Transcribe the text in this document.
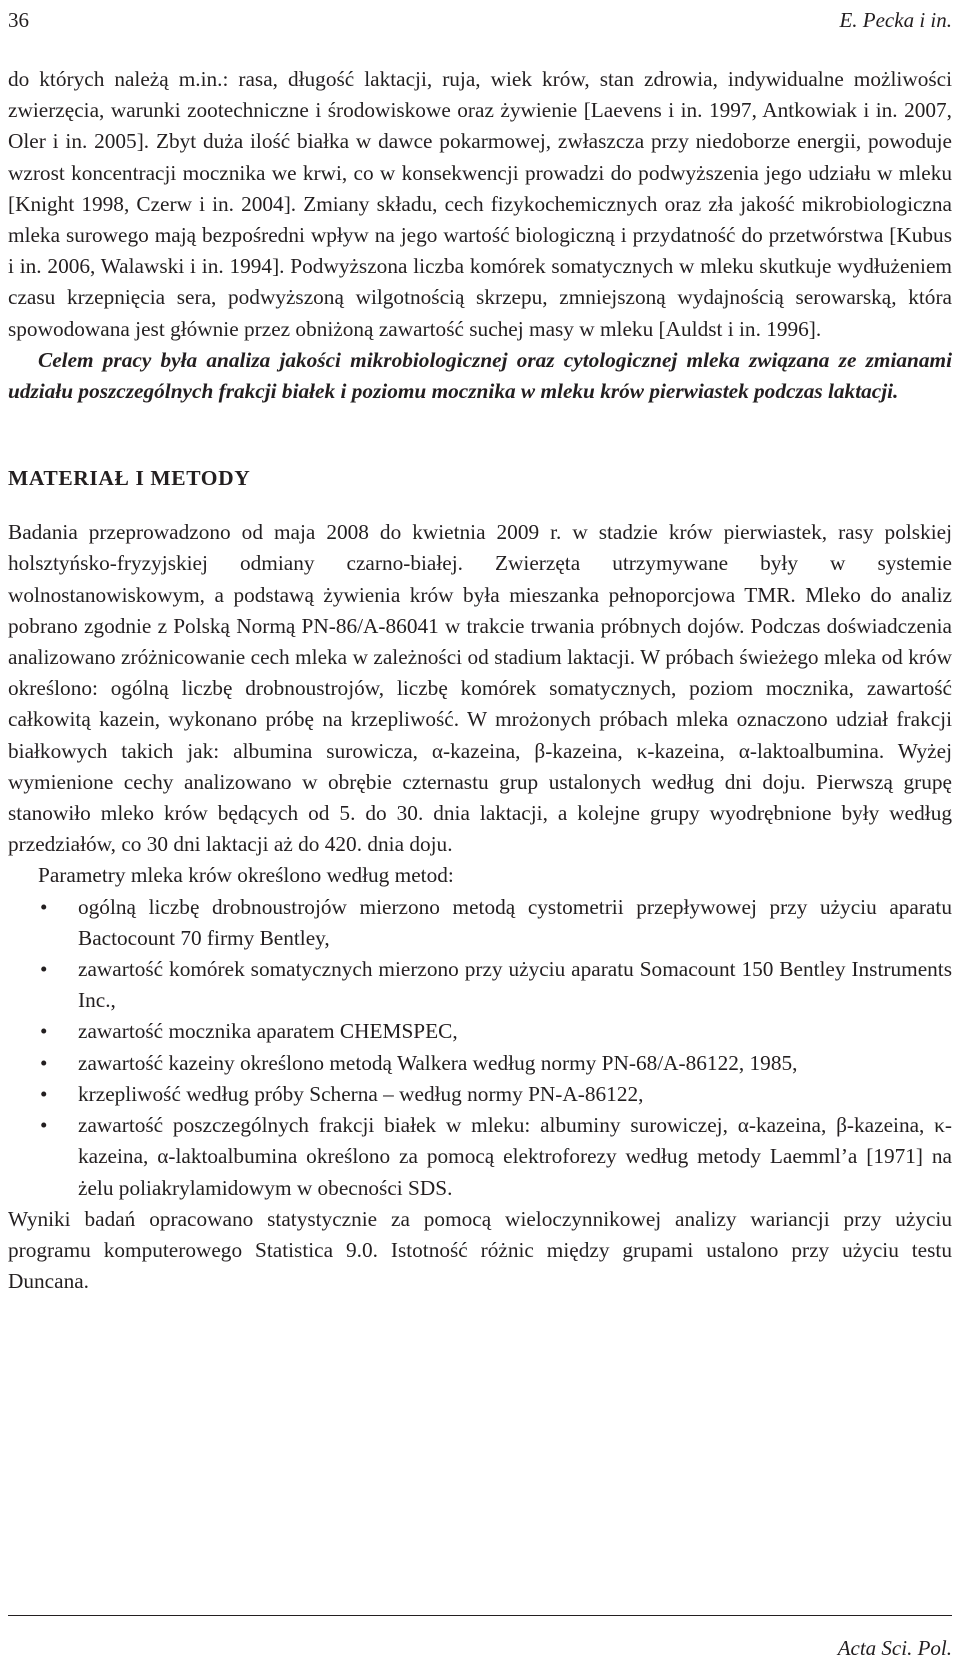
36	E. Pecka i in.

do których należą m.in.: rasa, długość laktacji, ruja, wiek krów, stan zdrowia, indywidualne możliwości zwierzęcia, warunki zootechniczne i środowiskowe oraz żywienie [Laevens i in. 1997, Antkowiak i in. 2007, Oler i in. 2005]. Zbyt duża ilość białka w dawce pokarmowej, zwłaszcza przy niedoborze energii, powoduje wzrost koncentracji mocznika we krwi, co w konsekwencji prowadzi do podwyższenia jego udziału w mleku [Knight 1998, Czerw i in. 2004]. Zmiany składu, cech fizykochemicznych oraz zła jakość mikrobiologiczna mleka surowego mają bezpośredni wpływ na jego wartość biologiczną i przydatność do przetwórstwa [Kubus i in. 2006, Walawski i in. 1994]. Podwyższona liczba komórek somatycznych w mleku skutkuje wydłużeniem czasu krzepnięcia sera, podwyższoną wilgotnością skrzepu, zmniejszoną wydajnością serowarską, która spowodowana jest głównie przez obniżoną zawartość suchej masy w mleku [Auldst i in. 1996].

Celem pracy była analiza jakości mikrobiologicznej oraz cytologicznej mleka związana ze zmianami udziału poszczególnych frakcji białek i poziomu mocznika w mleku krów pierwiastek podczas laktacji.

MATERIAŁ I METODY

Badania przeprowadzono od maja 2008 do kwietnia 2009 r. w stadzie krów pierwiastek, rasy polskiej holsztyńsko-fryzyjskiej odmiany czarno-białej. Zwierzęta utrzymywane były w systemie wolnostanowiskowym, a podstawą żywienia krów była mieszanka pełnoporcjowa TMR. Mleko do analiz pobrano zgodnie z Polską Normą PN-86/A-86041 w trakcie trwania próbnych dojów. Podczas doświadczenia analizowano zróżnicowanie cech mleka w zależności od stadium laktacji. W próbach świeżego mleka od krów określono: ogólną liczbę drobnoustrojów, liczbę komórek somatycznych, poziom mocznika, zawartość całkowitą kazein, wykonano próbę na krzepliwość. W mrożonych próbach mleka oznaczono udział frakcji białkowych takich jak: albumina surowicza, α-kazeina, β-kazeina, κ-kazeina, α-laktoalbumina. Wyżej wymienione cechy analizowano w obrębie czternastu grup ustalonych według dni doju. Pierwszą grupę stanowiło mleko krów będących od 5. do 30. dnia laktacji, a kolejne grupy wyodrębnione były według przedziałów, co 30 dni laktacji aż do 420. dnia doju.

Parametry mleka krów określono według metod:

• ogólną liczbę drobnoustrojów mierzono metodą cystometrii przepływowej przy użyciu aparatu Bactocount 70 firmy Bentley,
• zawartość komórek somatycznych mierzono przy użyciu aparatu Somacount 150 Bentley Instruments Inc.,
• zawartość mocznika aparatem CHEMSPEC,
• zawartość kazeiny określono metodą Walkera według normy PN-68/A-86122, 1985,
• krzepliwość według próby Scherna – według normy PN-A-86122,
• zawartość poszczególnych frakcji białek w mleku: albuminy surowiczej, α-kazeina, β-kazeina, κ-kazeina, α-laktoalbumina określono za pomocą elektroforezy według metody Laemml’a [1971] na żelu poliakrylamidowym w obecności SDS.

Wyniki badań opracowano statystycznie za pomocą wieloczynnikowej analizy wariancji przy użyciu programu komputerowego Statistica 9.0. Istotność różnic między grupami ustalono przy użyciu testu Duncana.

Acta Sci. Pol.
